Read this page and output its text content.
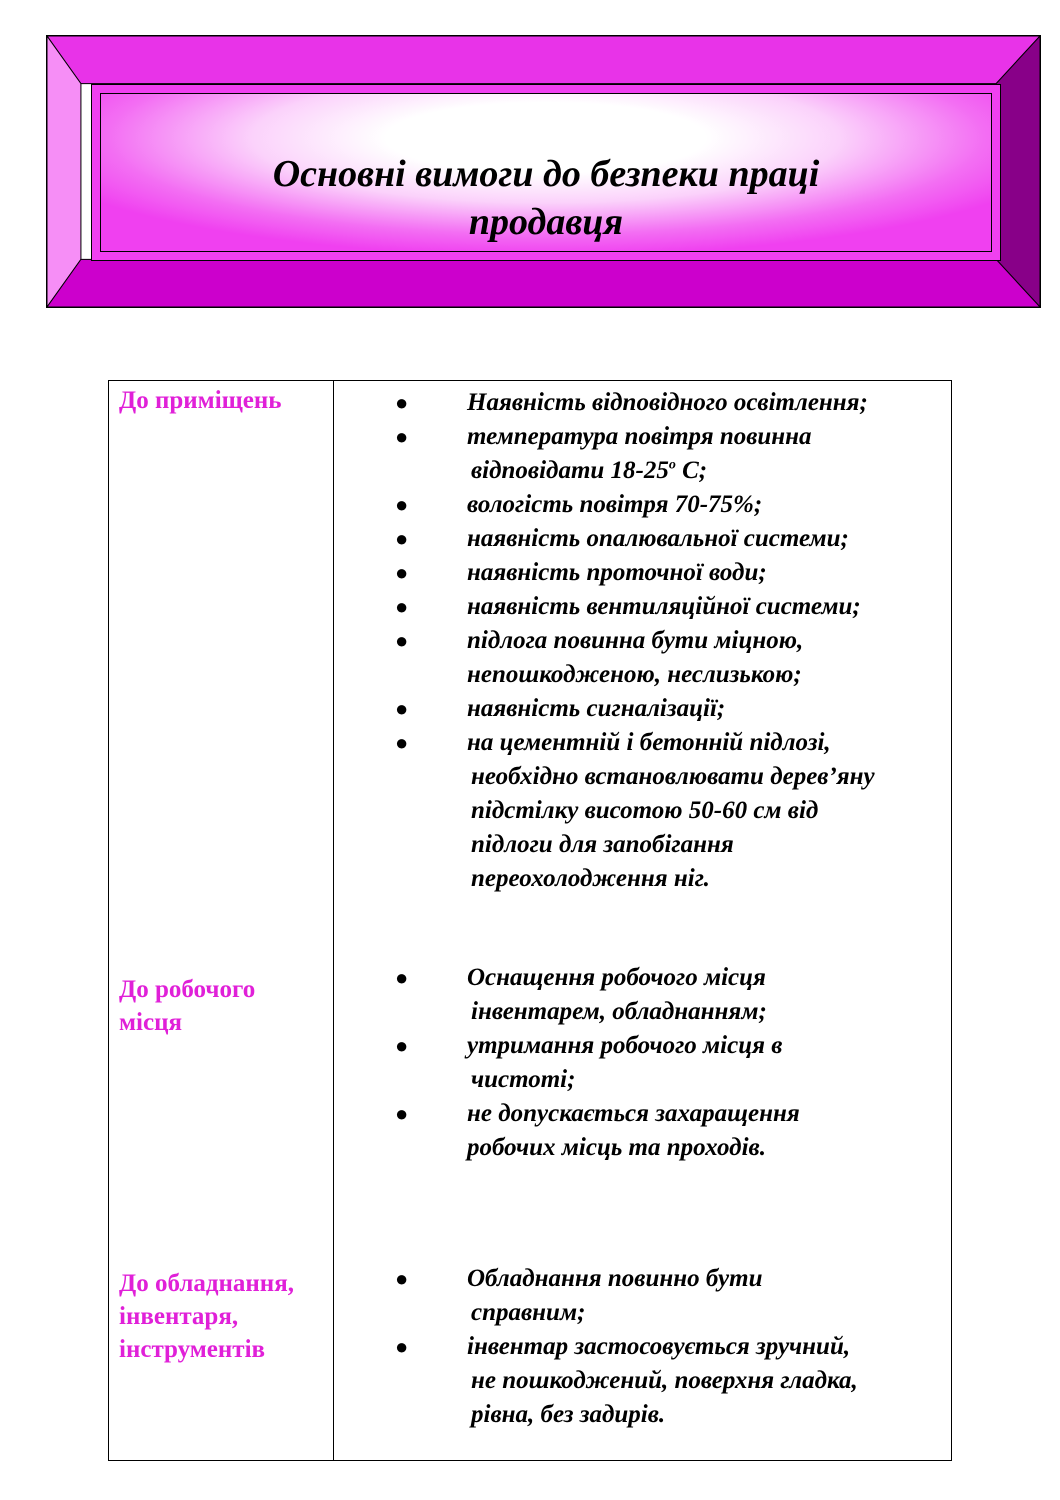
Основні вимоги до безпеки праці
продавця
До приміщень	● Наявність відповідного освітлення;
● температура повітря повинна
відповідати 18-25$^o$ С;
● вологість повітря 70-75%;
● наявність опалювальної системи;
● наявність проточної води;
● наявність вентиляційної системи;
● підлога повинна бути міцною,
непошкодженою, неслизькою;
● наявність сигналізації;
● на цементній і бетонній підлозі,
необхідно встановлювати дерев’яну
підстілку висотою 50-60 см від
підлоги для запобігання
переохолодження ніг.
До робочого
місця
● Оснащення робочого місця
інвентарем, обладнанням;
● утримання робочого місця в
чистоті;
● не допускається захаращення
робочих місць та проходів.
До обладнання,
інвентаря,
інструментів
● Обладнання повинно бути
справним;
● інвентар застосовується зручний,
не пошкоджений, поверхня гладка,
рівна, без задирів.
